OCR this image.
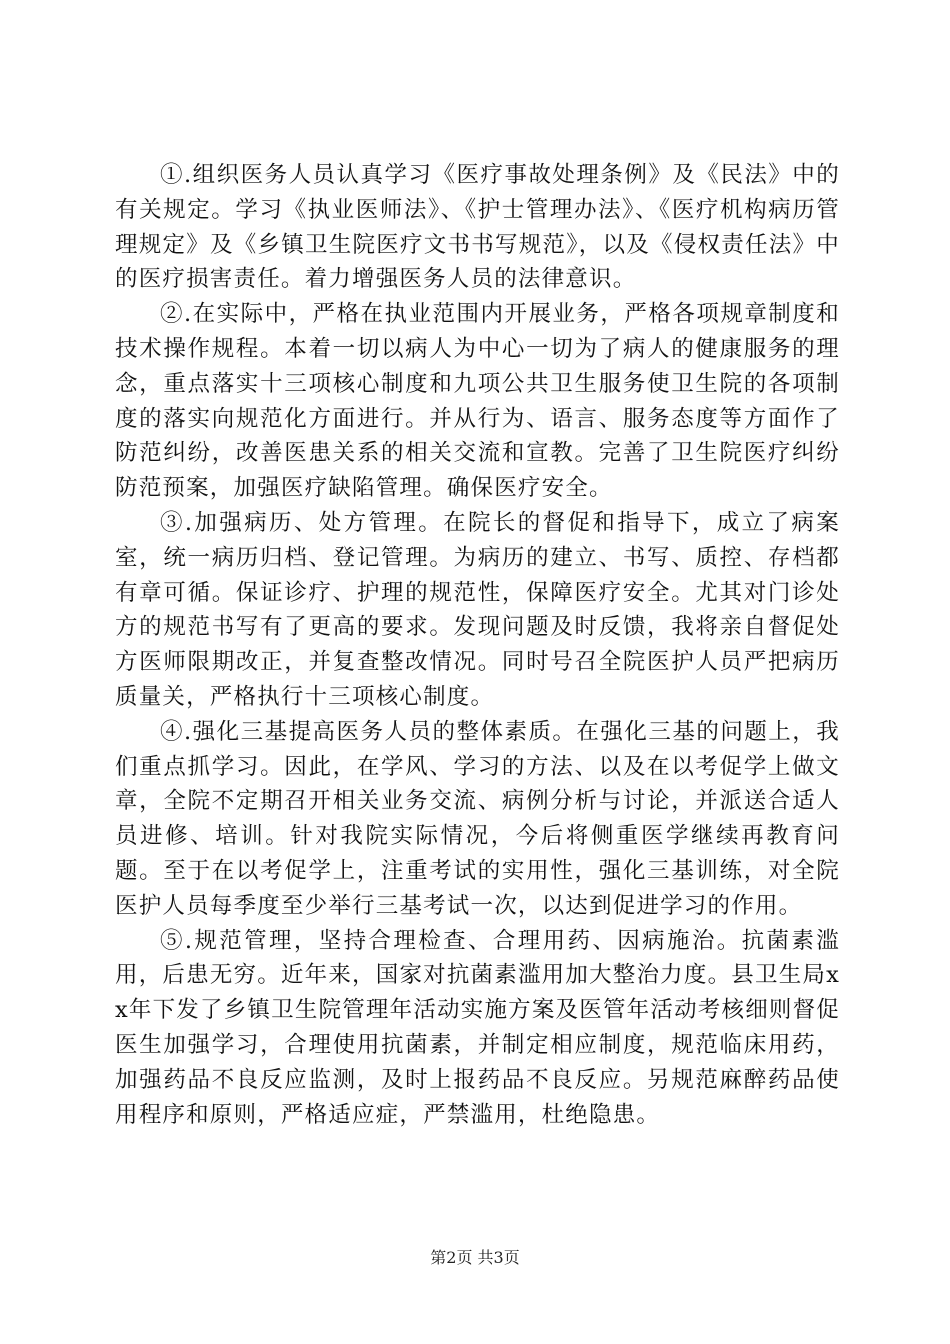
①.组织医务人员认真学习《医疗事故处理条例》及《民法》中的有关规定。学习《执业医师法》、《护士管理办法》、《医疗机构病历管理规定》及《乡镇卫生院医疗文书书写规范》，以及《侵权责任法》中的医疗损害责任。着力增强医务人员的法律意识。

②.在实际中，严格在执业范围内开展业务，严格各项规章制度和技术操作规程。本着一切以病人为中心一切为了病人的健康服务的理念，重点落实十三项核心制度和九项公共卫生服务使卫生院的各项制度的落实向规范化方面进行。并从行为、语言、服务态度等方面作了防范纠纷，改善医患关系的相关交流和宣教。完善了卫生院医疗纠纷防范预案，加强医疗缺陷管理。确保医疗安全。

③.加强病历、处方管理。在院长的督促和指导下，成立了病案室，统一病历归档、登记管理。为病历的建立、书写、质控、存档都有章可循。保证诊疗、护理的规范性，保障医疗安全。尤其对门诊处方的规范书写有了更高的要求。发现问题及时反馈，我将亲自督促处方医师限期改正，并复查整改情况。同时号召全院医护人员严把病历质量关，严格执行十三项核心制度。

④.强化三基提高医务人员的整体素质。在强化三基的问题上，我们重点抓学习。因此，在学风、学习的方法、以及在以考促学上做文章，全院不定期召开相关业务交流、病例分析与讨论，并派送合适人员进修、培训。针对我院实际情况，今后将侧重医学继续再教育问题。至于在以考促学上，注重考试的实用性，强化三基训练，对全院医护人员每季度至少举行三基考试一次，以达到促进学习的作用。

⑤.规范管理，坚持合理检查、合理用药、因病施治。抗菌素滥用，后患无穷。近年来，国家对抗菌素滥用加大整治力度。县卫生局xx年下发了乡镇卫生院管理年活动实施方案及医管年活动考核细则督促医生加强学习，合理使用抗菌素，并制定相应制度，规范临床用药，加强药品不良反应监测，及时上报药品不良反应。另规范麻醉药品使用程序和原则，严格适应症，严禁滥用，杜绝隐患。

第2页 共3页
